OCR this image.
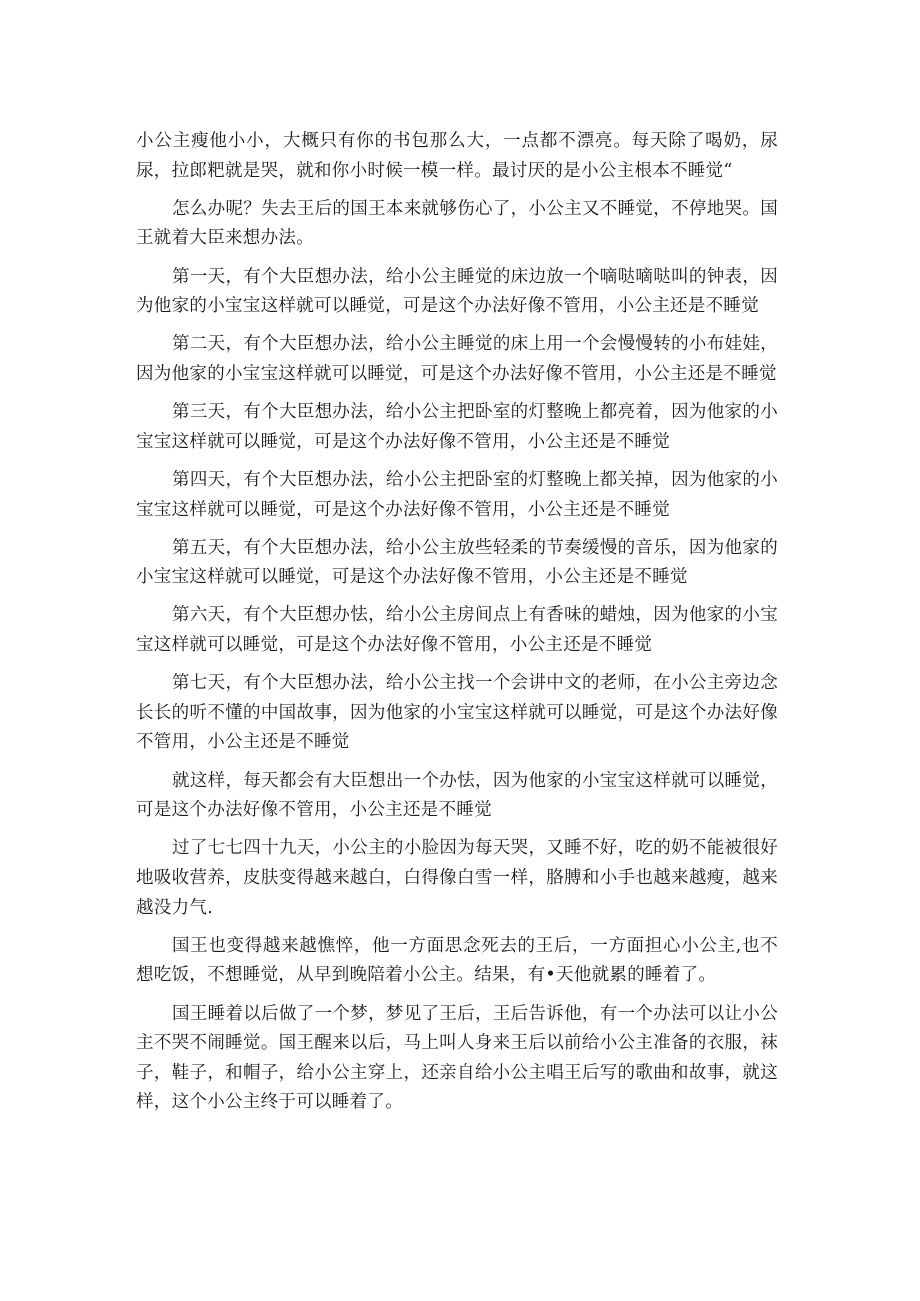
小公主瘦他小小，大概只有你的书包那么大，一点都不漂亮。每天除了喝奶，尿尿，拉郎粑就是哭，就和你小时候一模一样。最讨厌的是小公主根本不睡觉“

怎么办呢？失去王后的国王本来就够伤心了，小公主又不睡觉，不停地哭。国王就着大臣来想办法。

第一天，有个大臣想办法，给小公主睡觉的床边放一个嘀哒嘀哒叫的钟表，因为他家的小宝宝这样就可以睡觉，可是这个办法好像不管用，小公主还是不睡觉

第二天，有个大臣想办法，给小公主睡觉的床上用一个会慢慢转的小布娃娃，因为他家的小宝宝这样就可以睡觉，可是这个办法好像不管用，小公主还是不睡觉

第三天，有个大臣想办法，给小公主把卧室的灯整晚上都亮着，因为他家的小宝宝这样就可以睡觉，可是这个办法好像不管用，小公主还是不睡觉

第四天，有个大臣想办法，给小公主把卧室的灯整晚上都关掉，因为他家的小宝宝这样就可以睡觉，可是这个办法好像不管用，小公主还是不睡觉

第五天，有个大臣想办法，给小公主放些轻柔的节奏缓慢的音乐，因为他家的小宝宝这样就可以睡觉，可是这个办法好像不管用，小公主还是不睡觉

第六天，有个大臣想办怯，给小公主房间点上有香味的蜡烛，因为他家的小宝宝这样就可以睡觉，可是这个办法好像不管用，小公主还是不睡觉

第七天，有个大臣想办法，给小公主找一个会讲中文的老师，在小公主旁边念长长的听不懂的中国故事，因为他家的小宝宝这样就可以睡觉，可是这个办法好像不管用，小公主还是不睡觉

就这样，每天都会有大臣想出一个办怯，因为他家的小宝宝这样就可以睡觉，可是这个办法好像不管用，小公主还是不睡觉

过了七七四十九天，小公主的小脸因为每天哭，又睡不好，吃的奶不能被很好地吸收营养，皮肤变得越来越白，白得像白雪一样，胳膊和小手也越来越瘦，越来越没力气.

国王也变得越来越憔悴，他一方面思念死去的王后，一方面担心小公主,也不想吃饭，不想睡觉，从早到晚陪着小公主。结果，有•天他就累的睡着了。

国王睡着以后做了一个梦，梦见了王后，王后告诉他，有一个办法可以让小公主不哭不闹睡觉。国王醒来以后，马上叫人身来王后以前给小公主准备的衣服，袜子，鞋子，和帽子，给小公主穿上，还亲自给小公主唱王后写的歌曲和故事，就这样，这个小公主终于可以睡着了。
